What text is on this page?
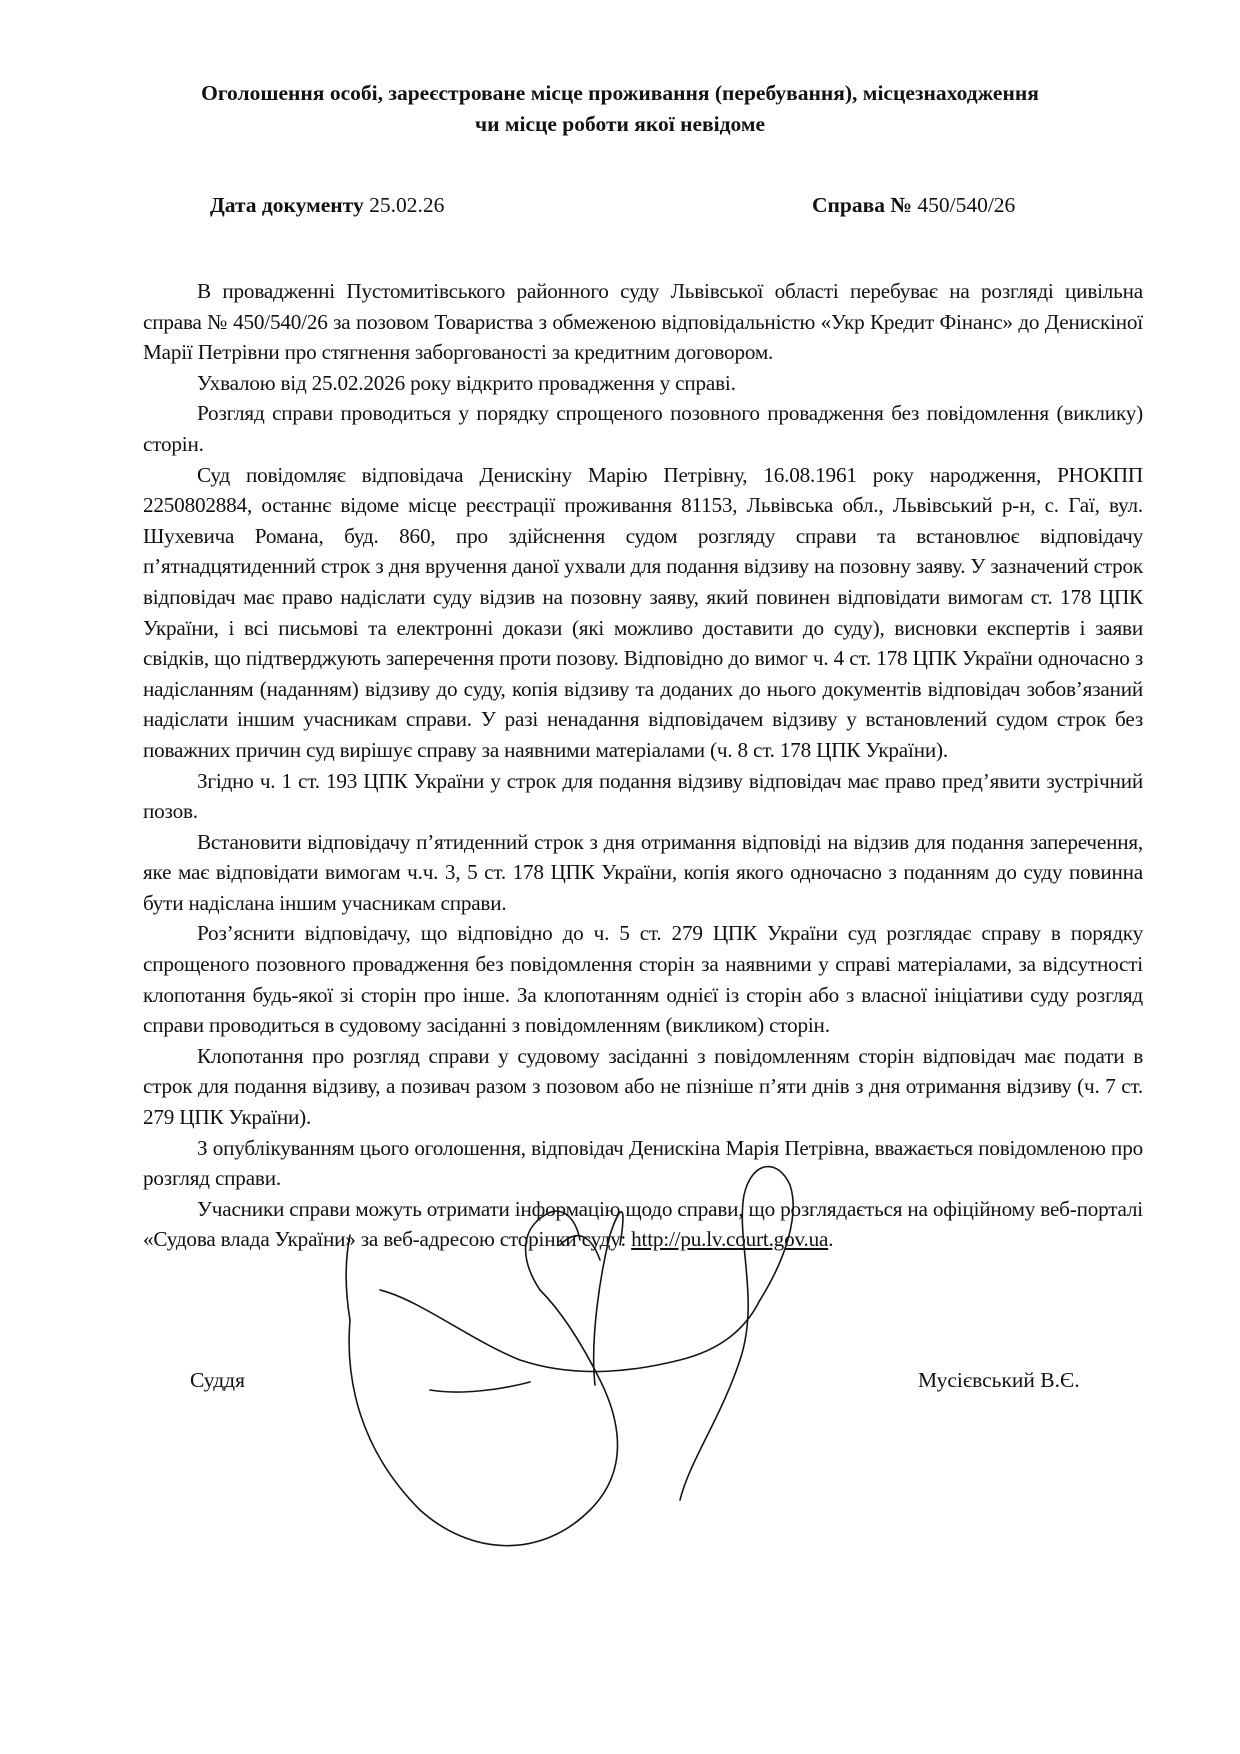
Оголошення особі, зареєстроване місце проживання (перебування), місцезнаходження
чи місце роботи якої невідоме
Дата документу 25.02.26	Справа № 450/540/26

В провадженні Пустомитівського районного суду Львівської області перебуває на розгляді цивільна справа № 450/540/26 за позовом Товариства з обмеженою відповідальністю «Укр Кредит Фінанс» до Денискіної Марії Петрівни про стягнення заборгованості за кредитним договором.

Ухвалою від 25.02.2026 року відкрито провадження у справі.

Розгляд справи проводиться у порядку спрощеного позовного провадження без повідомлення (виклику) сторін.

Суд повідомляє відповідача Денискіну Марію Петрівну, 16.08.1961 року народження, РНОКПП 2250802884, останнє відоме місце реєстрації проживання 81153, Львівська обл., Львівський р-н, с. Гаї, вул. Шухевича Романа, буд. 860, про здійснення судом розгляду справи та встановлює відповідачу п’ятнадцятиденний строк з дня вручення даної ухвали для подання відзиву на позовну заяву. У зазначений строк відповідач має право надіслати суду відзив на позовну заяву, який повинен відповідати вимогам ст. 178 ЦПК України, і всі письмові та електронні докази (які можливо доставити до суду), висновки експертів і заяви свідків, що підтверджують заперечення проти позову. Відповідно до вимог ч. 4 ст. 178 ЦПК України одночасно з надісланням (наданням) відзиву до суду, копія відзиву та доданих до нього документів відповідач зобов’язаний надіслати іншим учасникам справи. У разі ненадання відповідачем відзиву у встановлений судом строк без поважних причин суд вирішує справу за наявними матеріалами (ч. 8 ст. 178 ЦПК України).

Згідно ч. 1 ст. 193 ЦПК України у строк для подання відзиву відповідач має право пред’явити зустрічний позов.

Встановити відповідачу п’ятиденний строк з дня отримання відповіді на відзив для подання заперечення, яке має відповідати вимогам ч.ч. 3, 5 ст. 178 ЦПК України, копія якого одночасно з поданням до суду повинна бути надіслана іншим учасникам справи.

Роз’яснити відповідачу, що відповідно до ч. 5 ст. 279 ЦПК України суд розглядає справу в порядку спрощеного позовного провадження без повідомлення сторін за наявними у справі матеріалами, за відсутності клопотання будь-якої зі сторін про інше. За клопотанням однієї із сторін або з власної ініціативи суду розгляд справи проводиться в судовому засіданні з повідомленням (викликом) сторін.

Клопотання про розгляд справи у судовому засіданні з повідомленням сторін відповідач має подати в строк для подання відзиву, а позивач разом з позовом або не пізніше п’яти днів з дня отримання відзиву (ч. 7 ст. 279 ЦПК України).

З опублікуванням цього оголошення, відповідач Денискіна Марія Петрівна, вважається повідомленою про розгляд справи.

Учасники справи можуть отримати інформацію щодо справи, що розглядається на офіційному веб-порталі «Судова влада України» за веб-адресою сторінки суду: http://pu.lv.court.gov.ua.

Суддя	Мусієвський В.Є.
